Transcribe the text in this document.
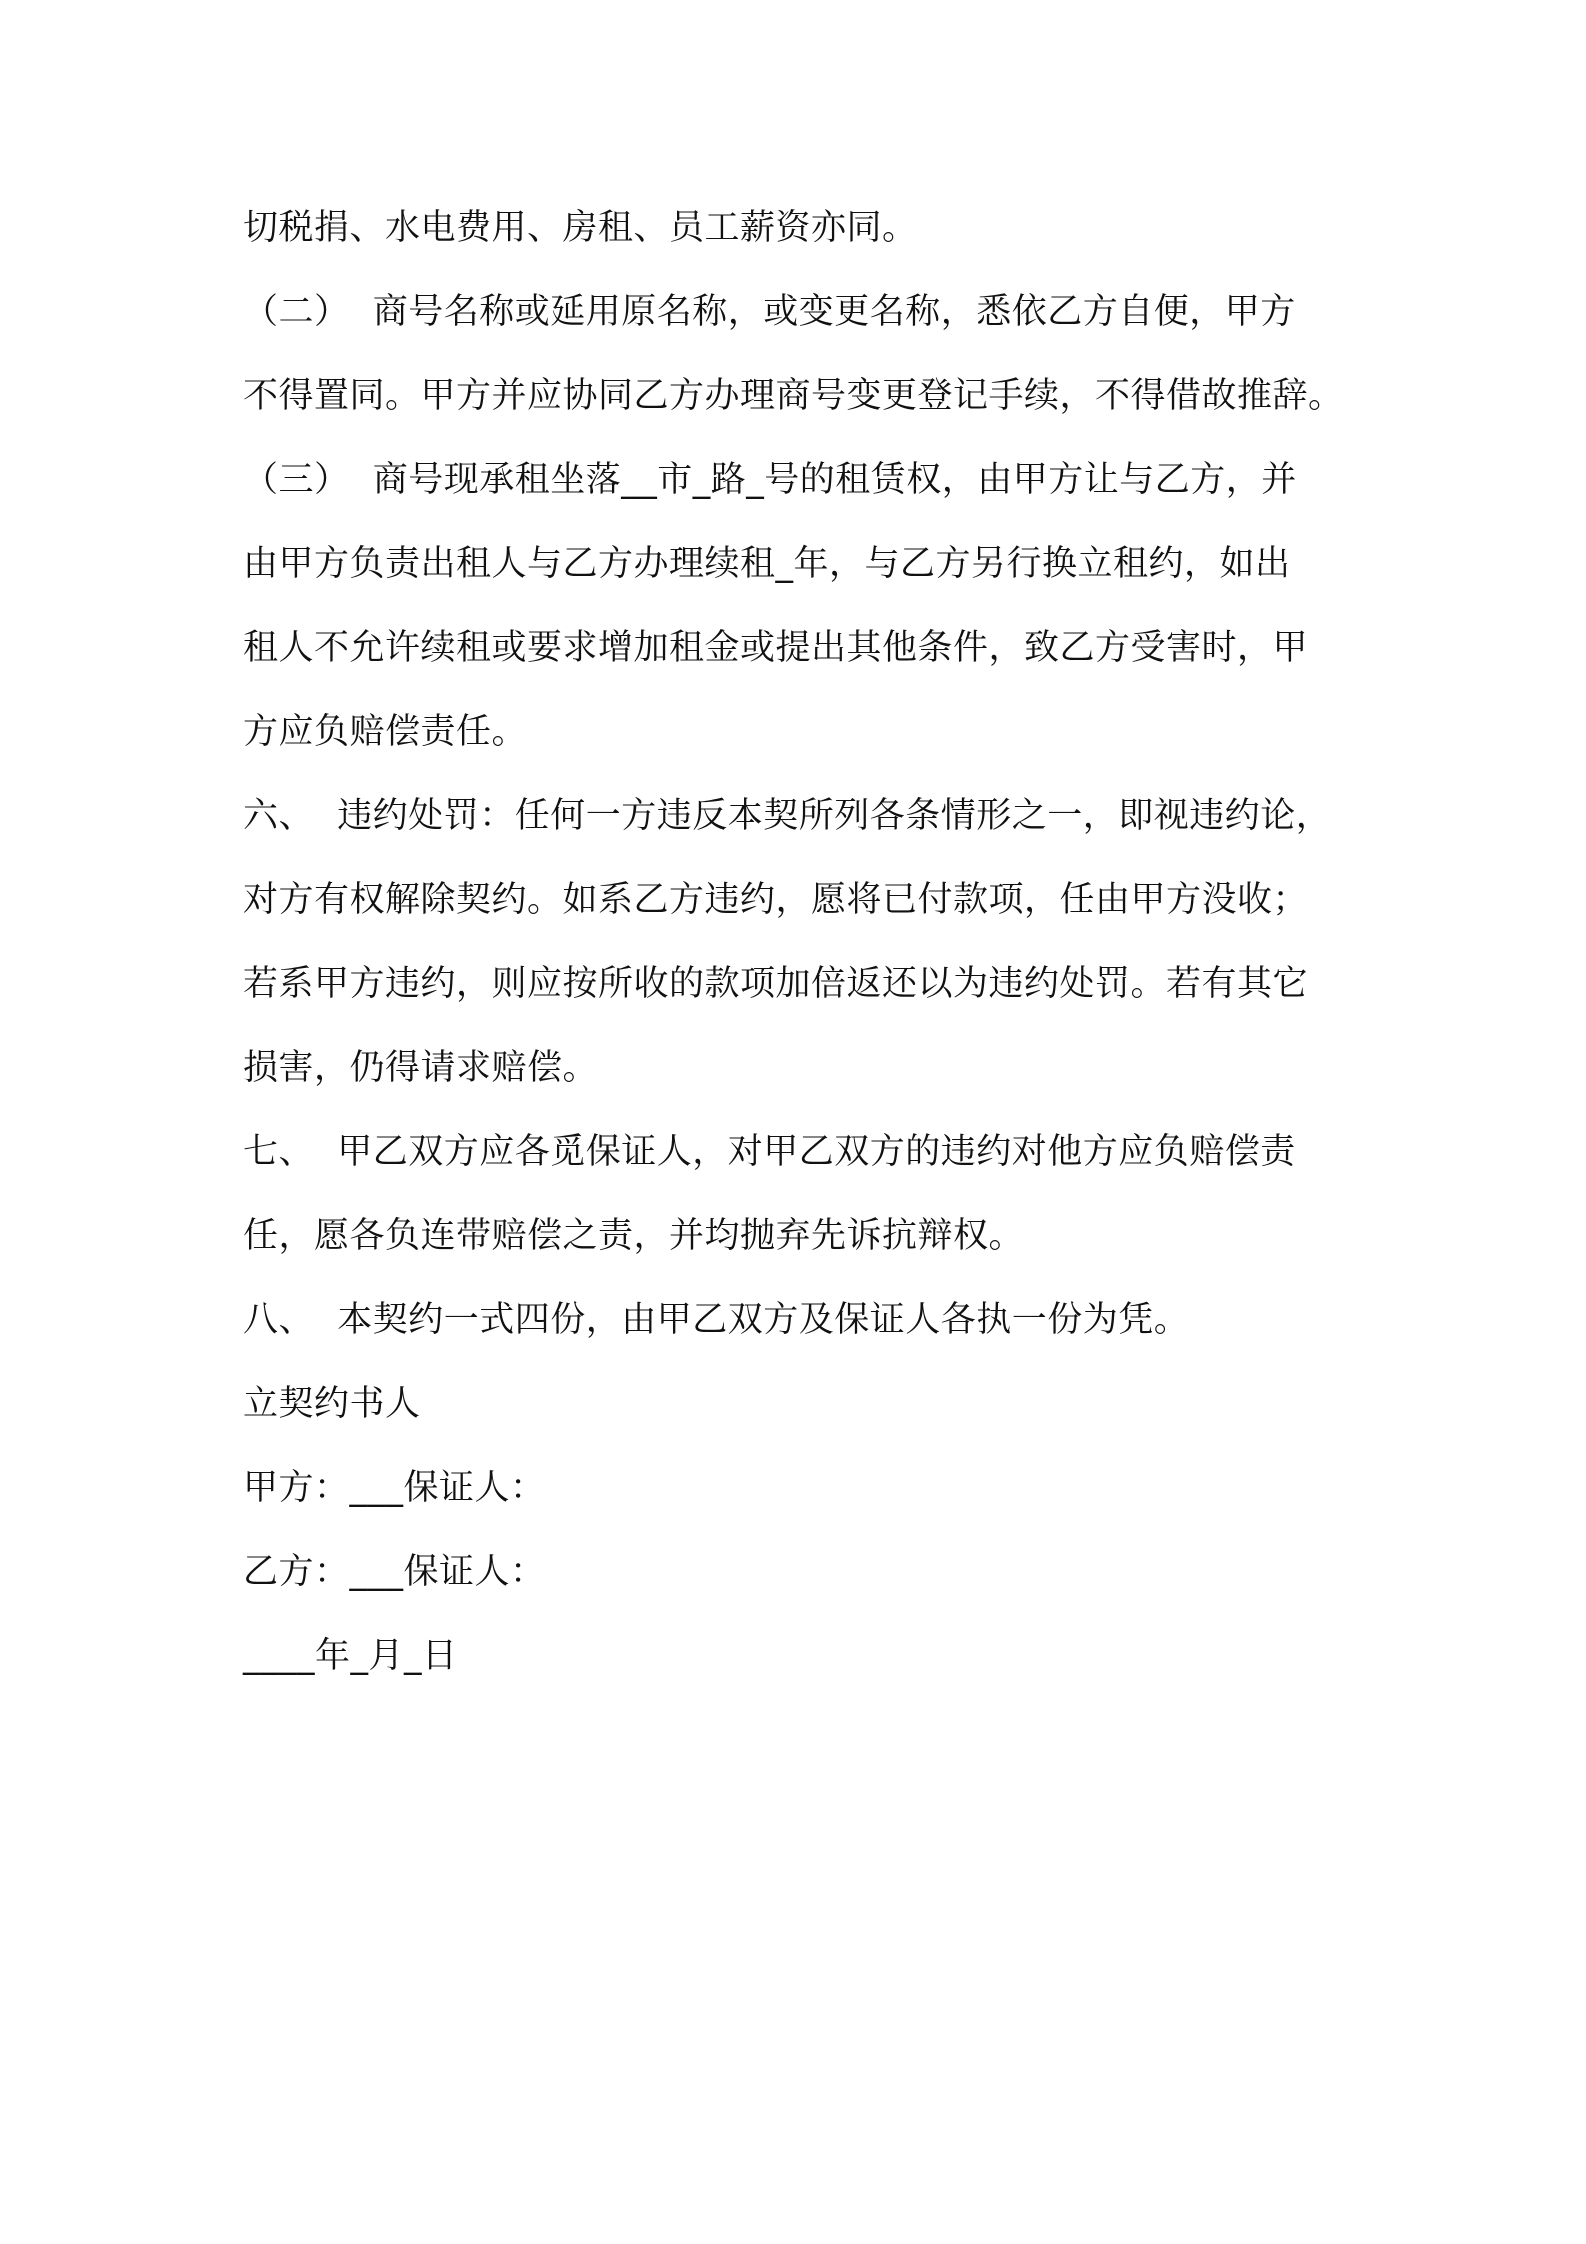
切税捐、水电费用、房租、员工薪资亦同。
（二）  商号名称或延用原名称，或变更名称，悉依乙方自便，甲方
不得置同。甲方并应协同乙方办理商号变更登记手续，不得借故推辞。
（三）  商号现承租坐落__市_路_号的租赁权，由甲方让与乙方，并
由甲方负责出租人与乙方办理续租_年，与乙方另行换立租约，如出
租人不允许续租或要求增加租金或提出其他条件，致乙方受害时，甲
方应负赔偿责任。
六、  违约处罚：任何一方违反本契所列各条情形之一，即视违约论，
对方有权解除契约。如系乙方违约，愿将已付款项，任由甲方没收；
若系甲方违约，则应按所收的款项加倍返还以为违约处罚。若有其它
损害，仍得请求赔偿。
七、  甲乙双方应各觅保证人，对甲乙双方的违约对他方应负赔偿责
任，愿各负连带赔偿之责，并均抛弃先诉抗辩权。
八、  本契约一式四份，由甲乙双方及保证人各执一份为凭。
立契约书人
甲方：___保证人：
乙方：___保证人：
____年_月_日
